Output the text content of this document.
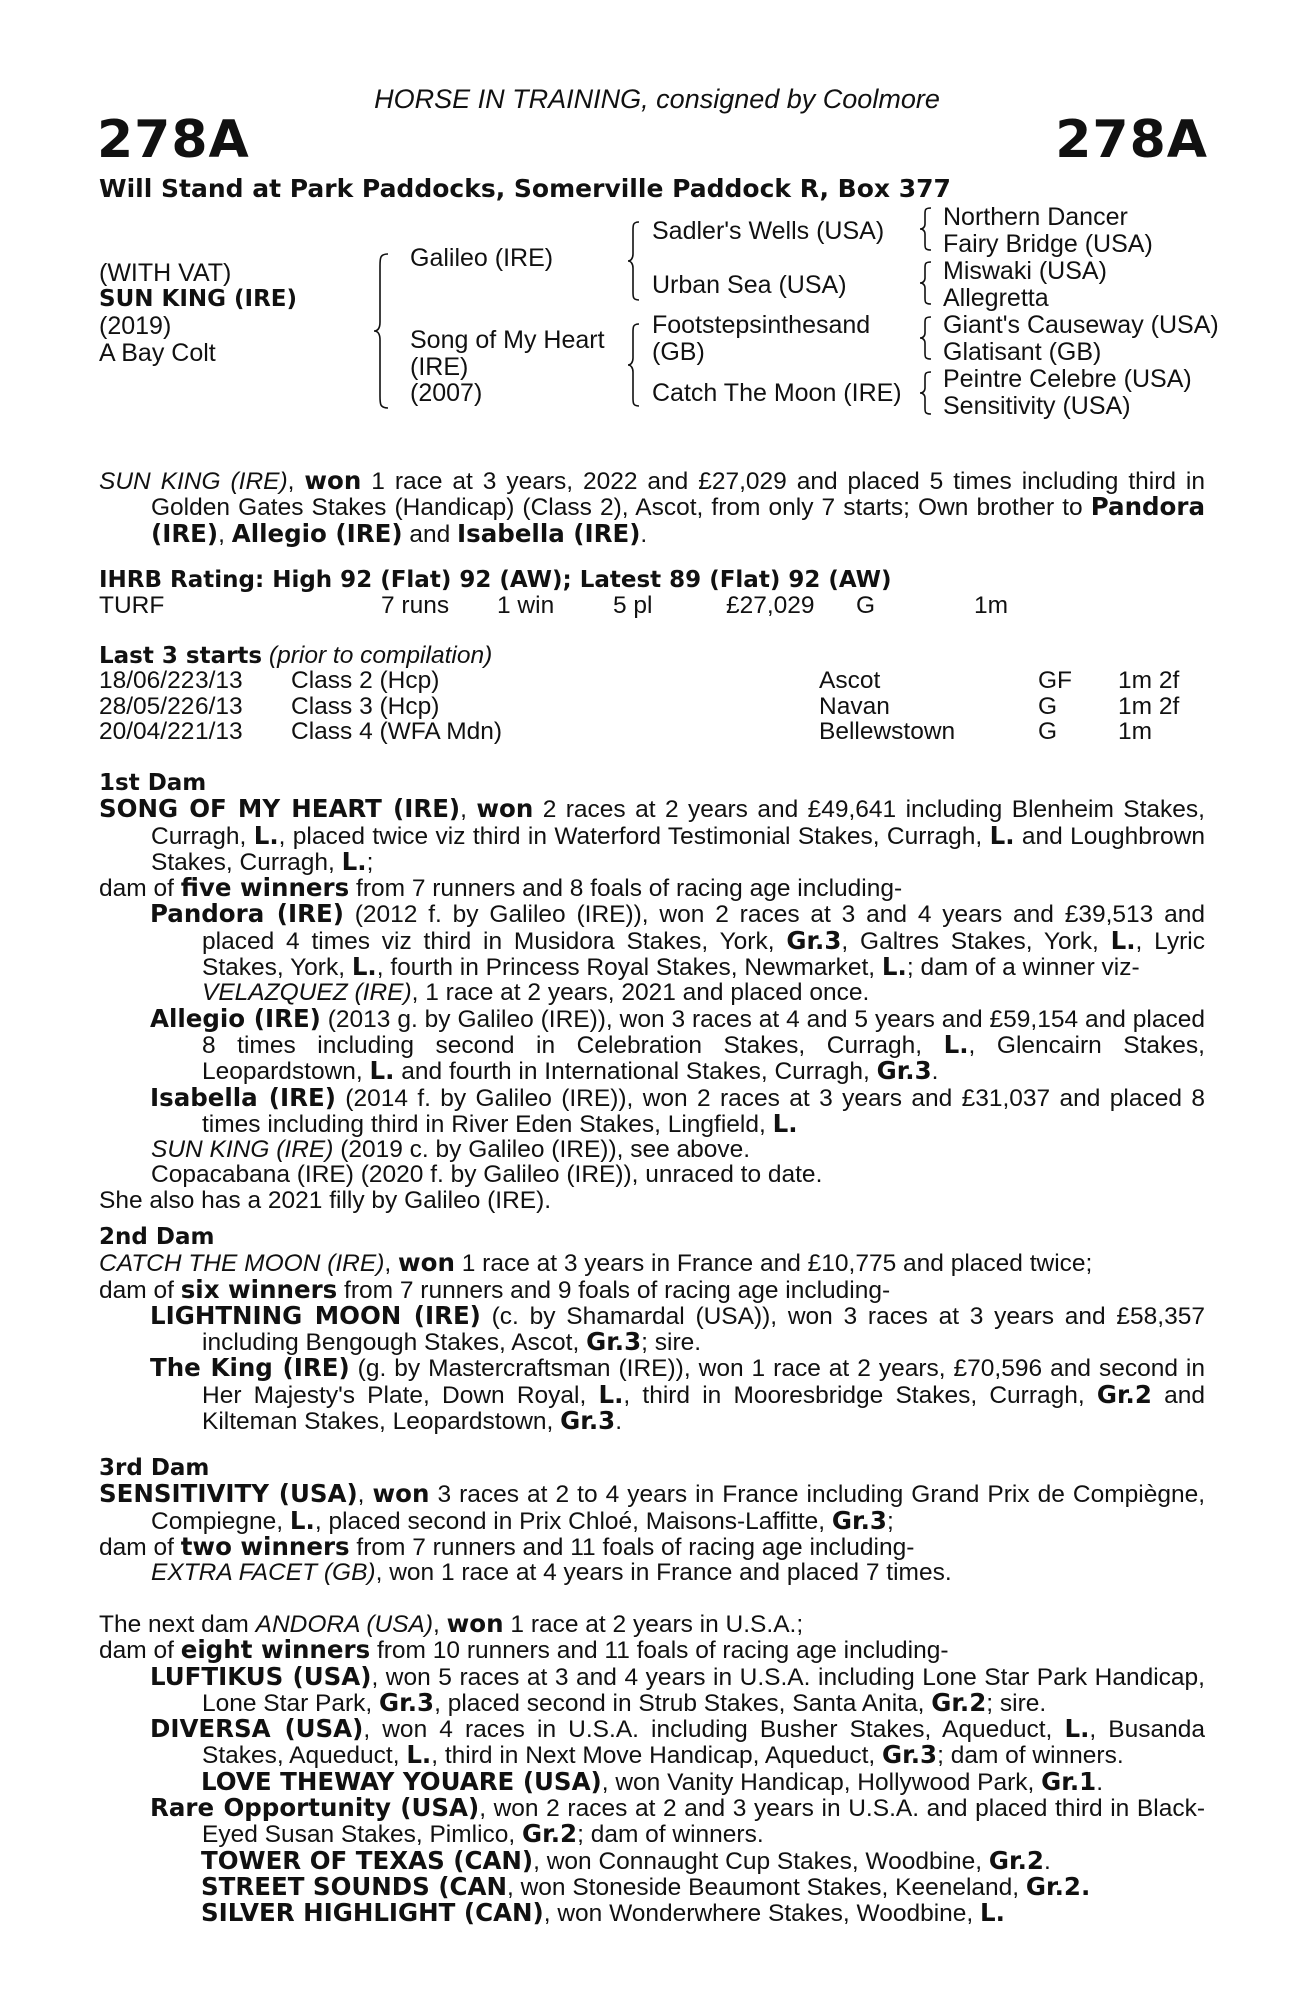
HORSE IN TRAINING, consigned by Coolmore
278A	278A
Will Stand at Park Paddocks, Somerville Paddock R, Box 377
(WITH VAT)
SUN KING (IRE)
(2019)
A Bay Colt
Galileo (IRE)
Song of My Heart
(IRE)
(2007)
Sadler's Wells (USA)
Urban Sea (USA)
Footstepsinthesand
(GB)
Catch The Moon (IRE)
Northern Dancer
Fairy Bridge (USA)
Miswaki (USA)
Allegretta
Giant's Causeway (USA)
Glatisant (GB)
Peintre Celebre (USA)
Sensitivity (USA)

SUN KING (IRE), won 1 race at 3 years, 2022 and £27,029 and placed 5 times including third in Golden Gates Stakes (Handicap) (Class 2), Ascot, from only 7 starts; Own brother to Pandora (IRE), Allegio (IRE) and Isabella (IRE).

IHRB Rating: High 92 (Flat) 92 (AW); Latest 89 (Flat) 92 (AW)
TURF	7 runs 1 win 5 pl	£27,029 G	1m
Last 3 starts (prior to compilation)
18/06/22 3/13 Class 2 (Hcp)	Ascot	GF 1m 2f
28/05/22 6/13 Class 3 (Hcp)	Navan	G 1m 2f
20/04/22 1/13 Class 4 (WFA Mdn)	Bellewstown	G 1m
1st Dam

SONG OF MY HEART (IRE), won 2 races at 2 years and £49,641 including Blenheim Stakes, Curragh, L., placed twice viz third in Waterford Testimonial Stakes, Curragh, L. and Loughbrown Stakes, Curragh, L.;

dam of five winners from 7 runners and 8 foals of racing age including-

Pandora (IRE) (2012 f. by Galileo (IRE)), won 2 races at 3 and 4 years and £39,513 and placed 4 times viz third in Musidora Stakes, York, Gr.3, Galtres Stakes, York, L., Lyric Stakes, York, L., fourth in Princess Royal Stakes, Newmarket, L.; dam of a winner viz-
VELAZQUEZ (IRE), 1 race at 2 years, 2021 and placed once.

Allegio (IRE) (2013 g. by Galileo (IRE)), won 3 races at 4 and 5 years and £59,154 and placed 8 times including second in Celebration Stakes, Curragh, L., Glencairn Stakes, Leopardstown, L. and fourth in International Stakes, Curragh, Gr.3.

Isabella (IRE) (2014 f. by Galileo (IRE)), won 2 races at 3 years and £31,037 and placed 8 times including third in River Eden Stakes, Lingfield, L.

SUN KING (IRE) (2019 c. by Galileo (IRE)), see above.

Copacabana (IRE) (2020 f. by Galileo (IRE)), unraced to date.

She also has a 2021 filly by Galileo (IRE).

2nd Dam

CATCH THE MOON (IRE), won 1 race at 3 years in France and £10,775 and placed twice;

dam of six winners from 7 runners and 9 foals of racing age including-

LIGHTNING MOON (IRE) (c. by Shamardal (USA)), won 3 races at 3 years and £58,357 including Bengough Stakes, Ascot, Gr.3; sire.

The King (IRE) (g. by Mastercraftsman (IRE)), won 1 race at 2 years, £70,596 and second in Her Majesty's Plate, Down Royal, L., third in Mooresbridge Stakes, Curragh, Gr.2 and Kilteman Stakes, Leopardstown, Gr.3.

3rd Dam

SENSITIVITY (USA), won 3 races at 2 to 4 years in France including Grand Prix de Compiègne, Compiegne, L., placed second in Prix Chloé, Maisons-Laffitte, Gr.3;

dam of two winners from 7 runners and 11 foals of racing age including-

EXTRA FACET (GB), won 1 race at 4 years in France and placed 7 times.

The next dam ANDORA (USA), won 1 race at 2 years in U.S.A.;

dam of eight winners from 10 runners and 11 foals of racing age including-

LUFTIKUS (USA), won 5 races at 3 and 4 years in U.S.A. including Lone Star Park Handicap, Lone Star Park, Gr.3, placed second in Strub Stakes, Santa Anita, Gr.2; sire.

DIVERSA (USA), won 4 races in U.S.A. including Busher Stakes, Aqueduct, L., Busanda Stakes, Aqueduct, L., third in Next Move Handicap, Aqueduct, Gr.3; dam of winners.

LOVE THEWAY YOUARE (USA), won Vanity Handicap, Hollywood Park, Gr.1.

Rare Opportunity (USA), won 2 races at 2 and 3 years in U.S.A. and placed third in Black-Eyed Susan Stakes, Pimlico, Gr.2; dam of winners.

TOWER OF TEXAS (CAN), won Connaught Cup Stakes, Woodbine, Gr.2.

STREET SOUNDS (CAN, won Stoneside Beaumont Stakes, Keeneland, Gr.2.

SILVER HIGHLIGHT (CAN), won Wonderwhere Stakes, Woodbine, L.
